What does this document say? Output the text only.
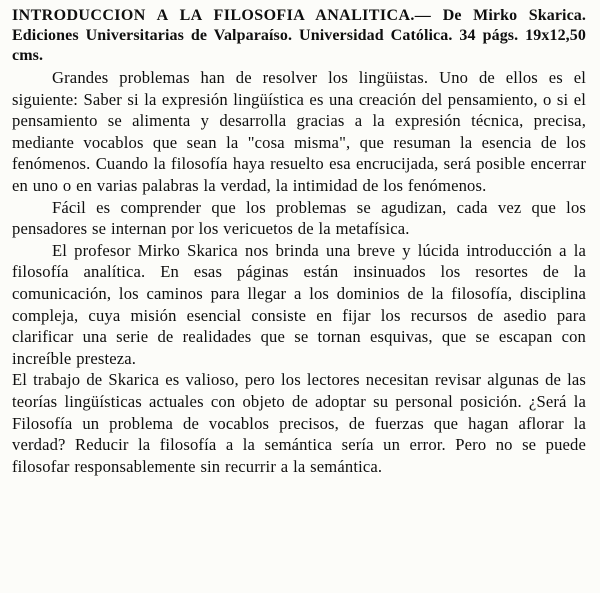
INTRODUCCION A LA FILOSOFIA ANALITICA.— De Mirko Skarica. Ediciones Universitarias de Valparaíso. Universidad Católica. 34 págs. 19x12,50 cms.

Grandes problemas han de resolver los lingüistas. Uno de ellos es el siguiente: Saber si la expresión lingüística es una creación del pensamiento, o si el pensamiento se alimenta y desarrolla gracias a la expresión técnica, precisa, mediante vocablos que sean la "cosa misma", que resuman la esencia de los fenómenos. Cuando la filosofía haya resuelto esa encrucijada, será posible encerrar en uno o en varias palabras la verdad, la intimidad de los fenómenos.

Fácil es comprender que los problemas se agudizan, cada vez que los pensadores se internan por los vericuetos de la metafísica.

El profesor Mirko Skarica nos brinda una breve y lúcida introducción a la filosofía analítica. En esas páginas están insinuados los resortes de la comunicación, los caminos para llegar a los dominios de la filosofía, disciplina compleja, cuya misión esencial consiste en fijar los recursos de asedio para clarificar una serie de realidades que se tornan esquivas, que se escapan con increíble presteza.

El trabajo de Skarica es valioso, pero los lectores necesitan revisar algunas de las teorías lingüísticas actuales con objeto de adoptar su personal posición. ¿Será la Filosofía un problema de vocablos precisos, de fuerzas que hagan aflorar la verdad? Reducir la filosofía a la semántica sería un error. Pero no se puede filosofar responsablemente sin recurrir a la semántica.
